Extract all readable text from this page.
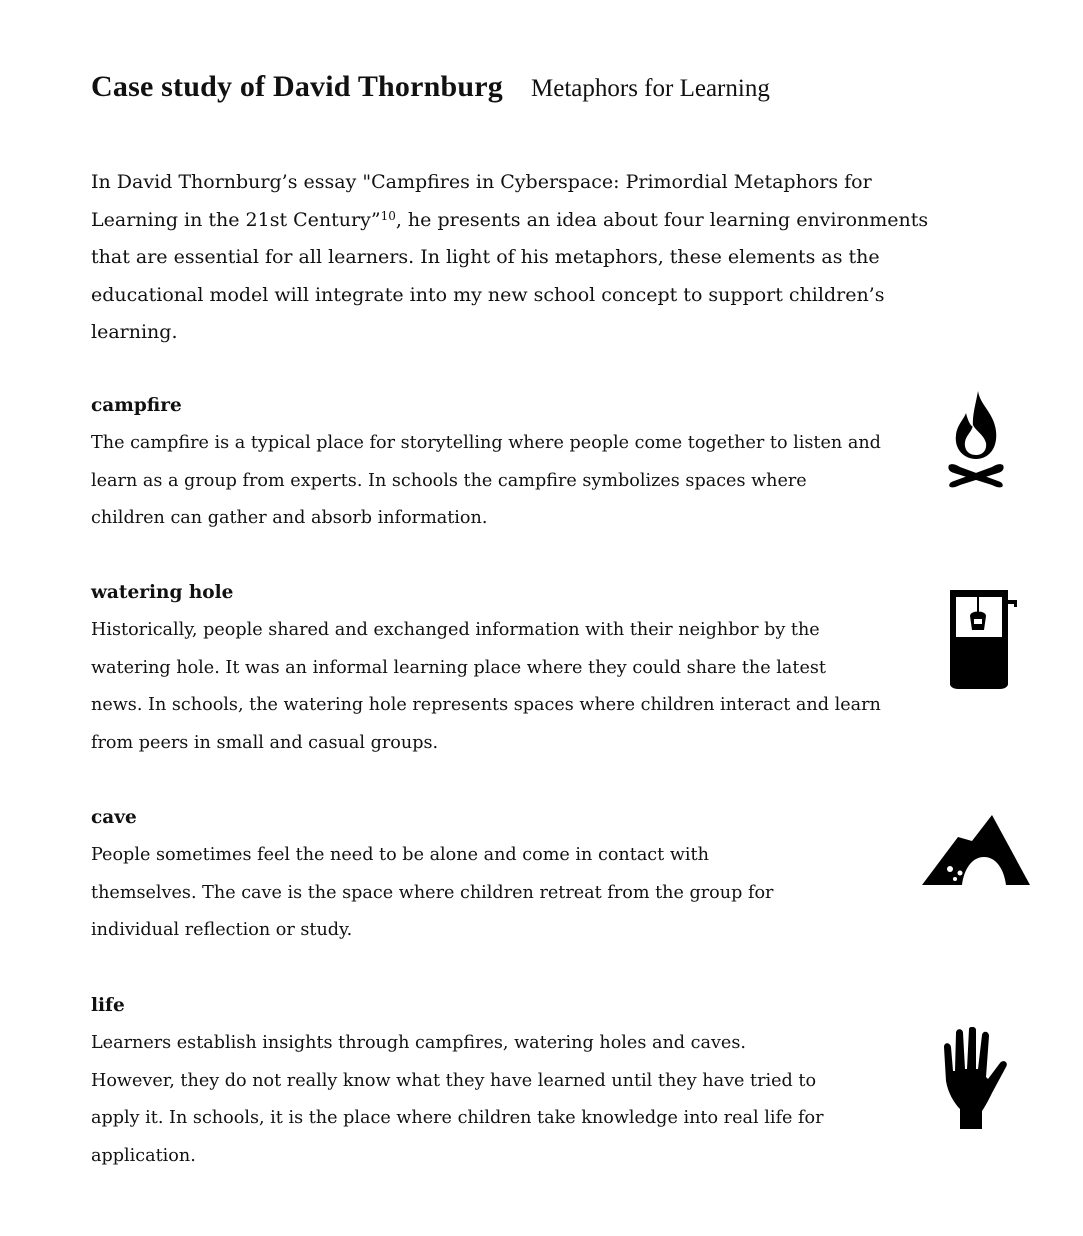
Case study of David Thornburg Metaphors for Learning

In David Thornburg’s essay "Campfires in Cyberspace: Primordial Metaphors for Learning in the 21st Century”$^{10}$, he presents an idea about four learning environments that are essential for all learners. In light of his metaphors, these elements as the educational model will integrate into my new school concept to support children’s learning.

campfire

The campfire is a typical place for storytelling where people come together to listen and
learn as a group from experts. In schools the campfire symbolizes spaces where
children can gather and absorb information.

watering hole

Historically, people shared and exchanged information with their neighbor by the
watering hole. It was an informal learning place where they could share the latest
news. In schools, the watering hole represents spaces where children interact and learn
from peers in small and casual groups.

cave

People sometimes feel the need to be alone and come in contact with
themselves. The cave is the space where children retreat from the group for
individual reflection or study.

life

Learners establish insights through campfires, watering holes and caves.
However, they do not really know what they have learned until they have tried to
apply it. In schools, it is the place where children take knowledge into real life for
application.
